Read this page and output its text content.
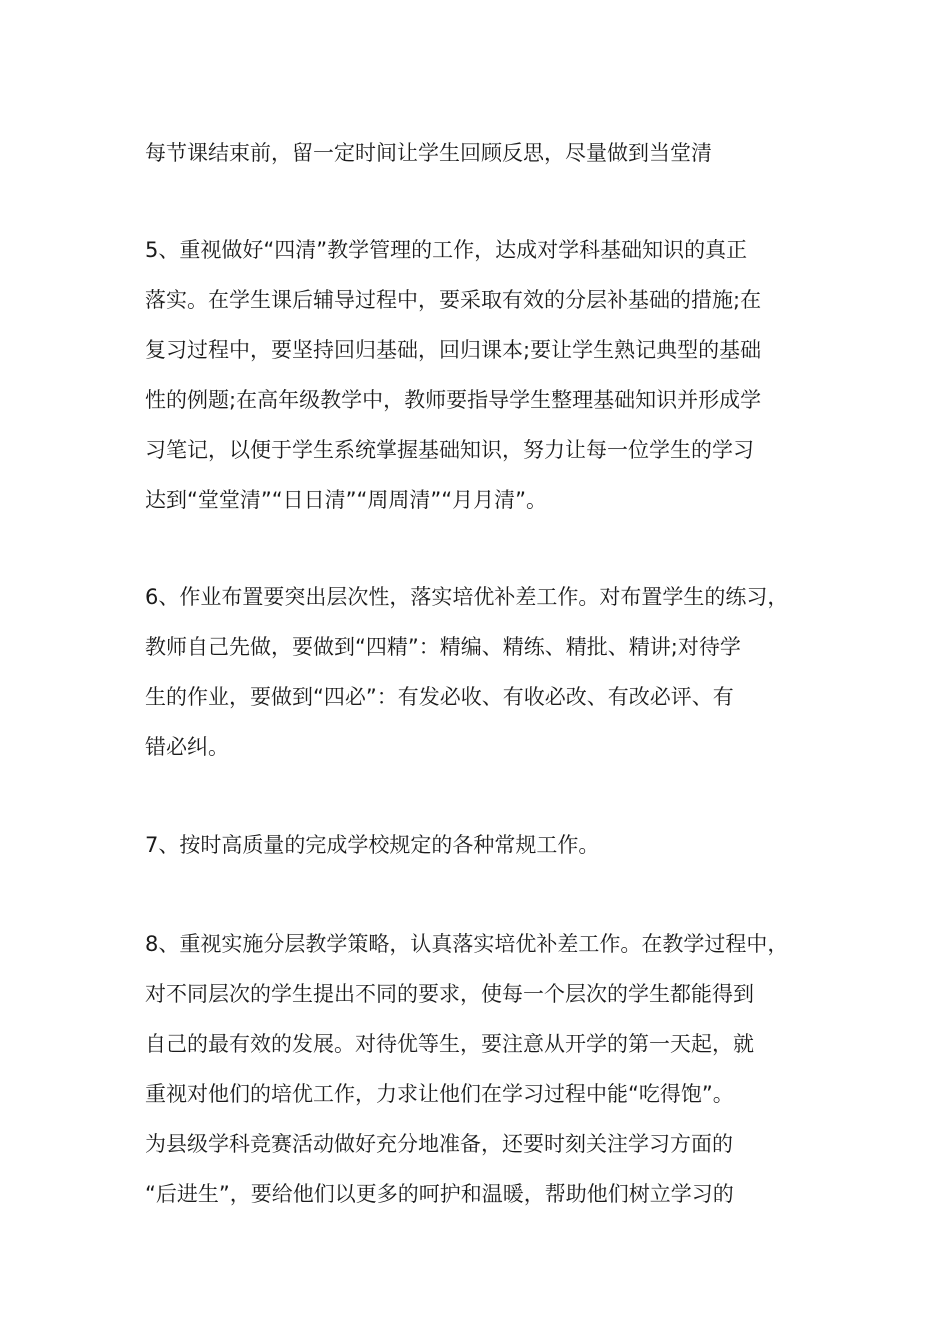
每节课结束前，留一定时间让学生回顾反思，尽量做到当堂清
5、重视做好“四清”教学管理的工作，达成对学科基础知识的真正
落实。在学生课后辅导过程中，要采取有效的分层补基础的措施;在
复习过程中，要坚持回归基础，回归课本;要让学生熟记典型的基础
性的例题;在高年级教学中，教师要指导学生整理基础知识并形成学
习笔记，以便于学生系统掌握基础知识，努力让每一位学生的学习
达到“堂堂清”“日日清”“周周清”“月月清”。
6、作业布置要突出层次性，落实培优补差工作。对布置学生的练习，
教师自己先做，要做到“四精”：精编、精练、精批、精讲;对待学
生的作业，要做到“四必”：有发必收、有收必改、有改必评、有
错必纠。
7、按时高质量的完成学校规定的各种常规工作。
8、重视实施分层教学策略，认真落实培优补差工作。在教学过程中，
对不同层次的学生提出不同的要求，使每一个层次的学生都能得到
自己的最有效的发展。对待优等生，要注意从开学的第一天起，就
重视对他们的培优工作，力求让他们在学习过程中能“吃得饱”。
为县级学科竞赛活动做好充分地准备，还要时刻关注学习方面的
“后进生”，要给他们以更多的呵护和温暖，帮助他们树立学习的
